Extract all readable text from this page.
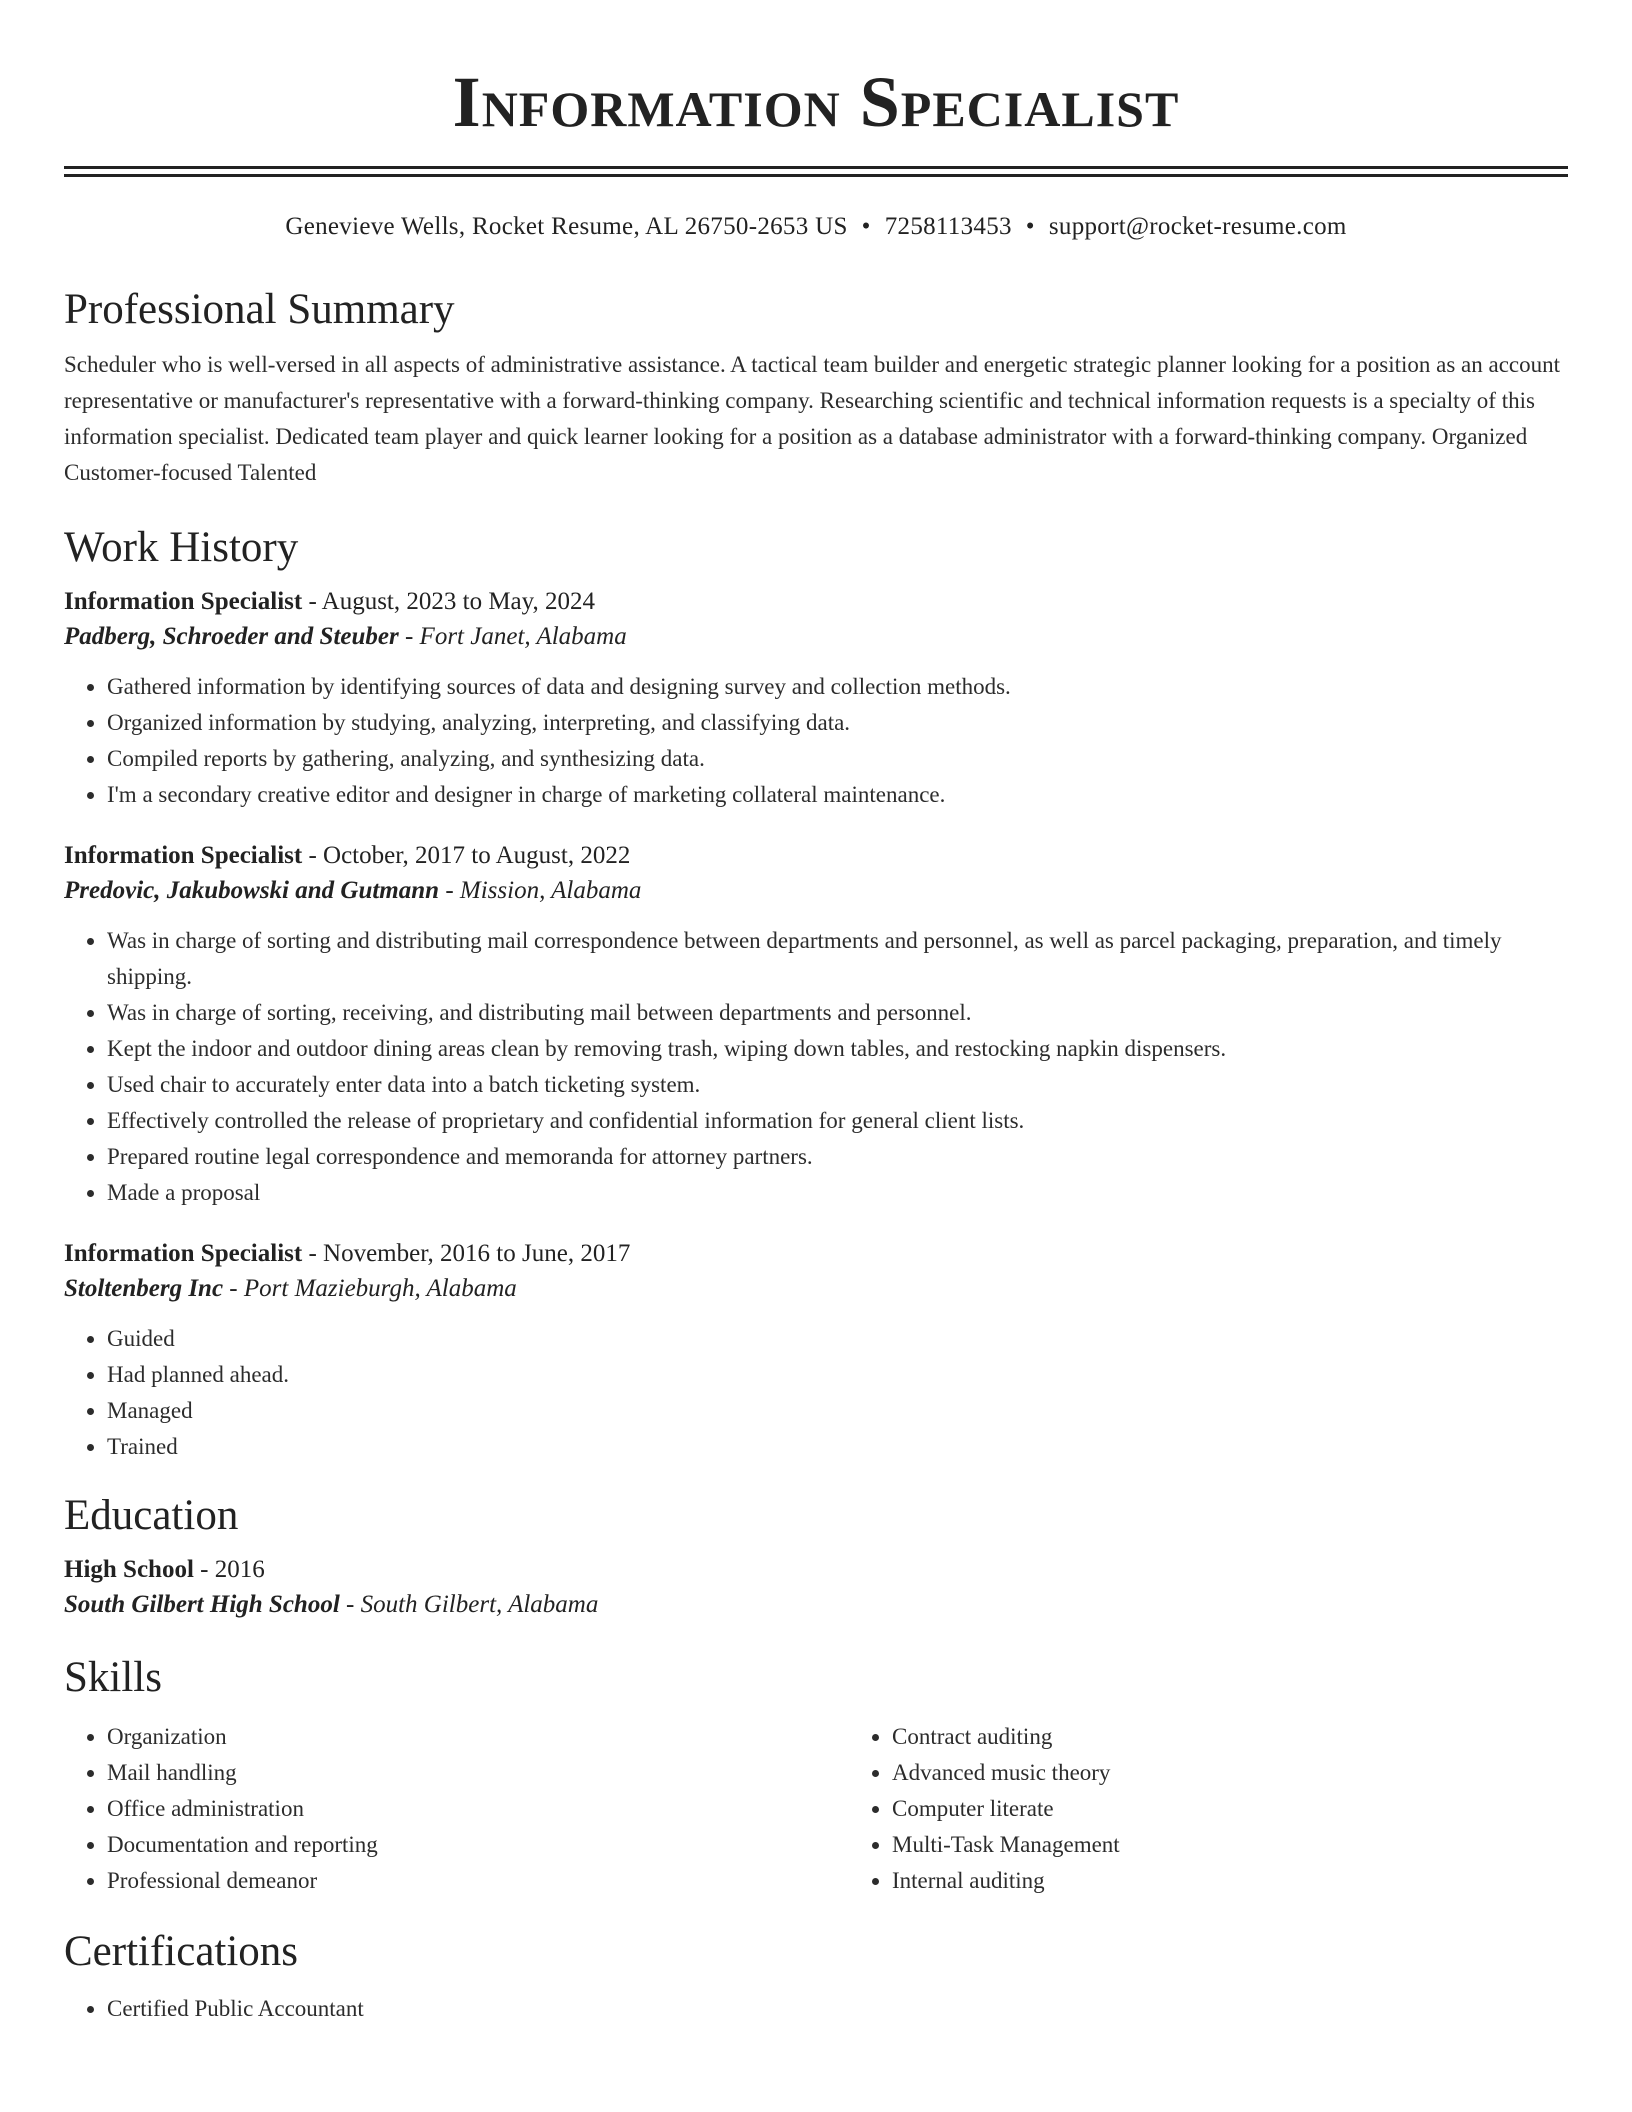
Information Specialist
Genevieve Wells, Rocket Resume, AL 26750-2653 US • 7258113453 • support@rocket-resume.com
Professional Summary

Scheduler who is well-versed in all aspects of administrative assistance. A tactical team builder and energetic strategic planner looking for a position as an account representative or manufacturer's representative with a forward-thinking company. Researching scientific and technical information requests is a specialty of this information specialist. Dedicated team player and quick learner looking for a position as a database administrator with a forward-thinking company. Organized Customer-focused Talented

Work History
Information Specialist - August, 2023 to May, 2024
Padberg, Schroeder and Steuber - Fort Janet, Alabama
• Gathered information by identifying sources of data and designing survey and collection methods.
• Organized information by studying, analyzing, interpreting, and classifying data.
• Compiled reports by gathering, analyzing, and synthesizing data.
• I'm a secondary creative editor and designer in charge of marketing collateral maintenance.
Information Specialist - October, 2017 to August, 2022
Predovic, Jakubowski and Gutmann - Mission, Alabama
• Was in charge of sorting and distributing mail correspondence between departments and personnel, as well as parcel packaging, preparation, and timely shipping.
• Was in charge of sorting, receiving, and distributing mail between departments and personnel.
• Kept the indoor and outdoor dining areas clean by removing trash, wiping down tables, and restocking napkin dispensers.
• Used chair to accurately enter data into a batch ticketing system.
• Effectively controlled the release of proprietary and confidential information for general client lists.
• Prepared routine legal correspondence and memoranda for attorney partners.
• Made a proposal
Information Specialist - November, 2016 to June, 2017
Stoltenberg Inc - Port Mazieburgh, Alabama
• Guided
• Had planned ahead.
• Managed
• Trained
Education
High School - 2016
South Gilbert High School - South Gilbert, Alabama
Skills
• Organization
• Mail handling
• Office administration
• Documentation and reporting
• Professional demeanor
• Contract auditing
• Advanced music theory
• Computer literate
• Multi-Task Management
• Internal auditing
Certifications
• Certified Public Accountant
